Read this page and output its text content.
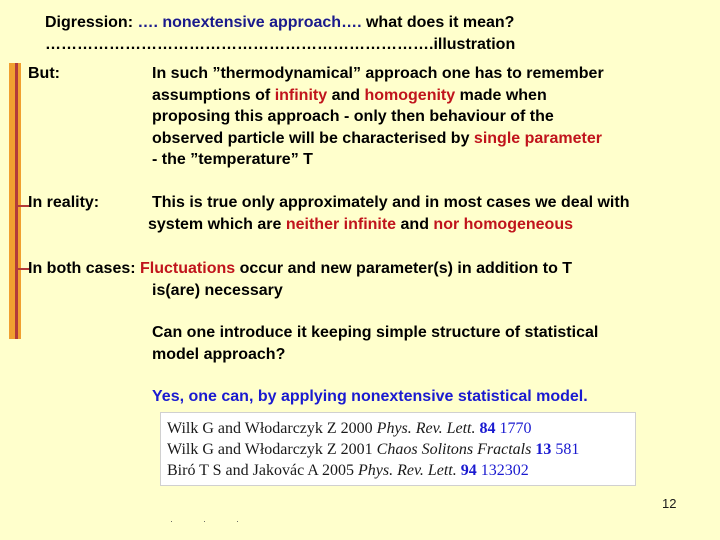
Digression: …. nonextensive approach…. what does it mean?
……………………………………………………………….illustration
But:	In such ”thermodynamical” approach one has to remember
assumptions of infinity and homogenity made when
proposing this approach - only then behaviour of the
observed particle will be characterised by single parameter
- the ”temperature” T
In reality:	This is true only approximately and in most cases we deal with
system which are neither infinite and nor homogeneous
In both cases: Fluctuations occur and new parameter(s) in addition to T
is(are) necessary
Can one introduce it keeping simple structure of statistical
model approach?
Yes, one can, by applying nonextensive statistical model.
Wilk G and Włodarczyk Z 2000 Phys. Rev. Lett. 84 1770
Wilk G and Włodarczyk Z 2001 Chaos Solitons Fractals 13 581
Biró T S and Jakovác A 2005 Phys. Rev. Lett. 94 132302
12
···
